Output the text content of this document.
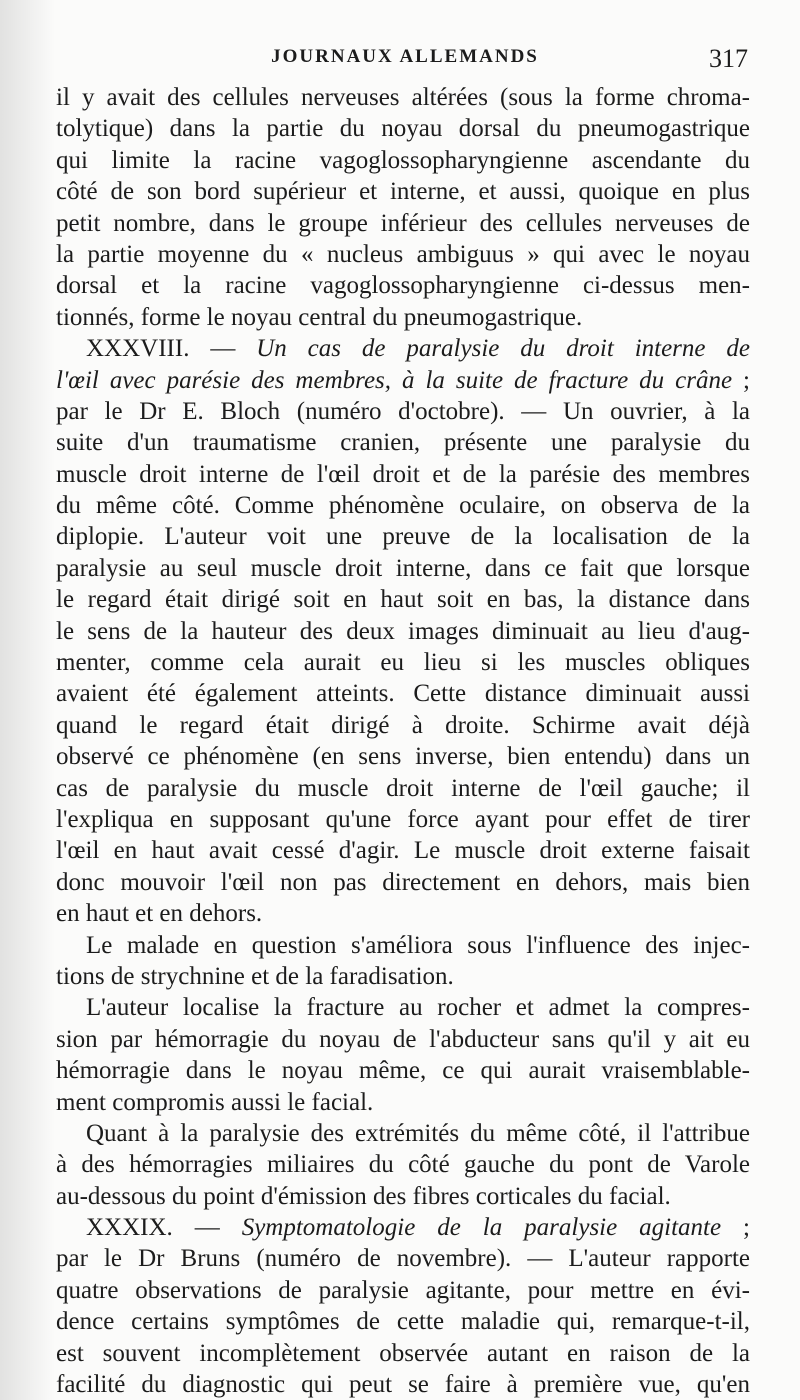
JOURNAUX ALLEMANDS	317
il y avait des cellules nerveuses altérées (sous la forme chroma-
tolytique) dans la partie du noyau dorsal du pneumogastrique
qui limite la racine vagoglossopharyngienne ascendante du
côté de son bord supérieur et interne, et aussi, quoique en plus
petit nombre, dans le groupe inférieur des cellules nerveuses de
la partie moyenne du « nucleus ambiguus » qui avec le noyau
dorsal et la racine vagoglossopharyngienne ci-dessus men-
tionnés, forme le noyau central du pneumogastrique.
XXXVIII. — Un cas de paralysie du droit interne de
l'œil avec parésie des membres, à la suite de fracture du crâne ;
par le Dr E. Bloch (numéro d'octobre). — Un ouvrier, à la
suite d'un traumatisme cranien, présente une paralysie du
muscle droit interne de l'œil droit et de la parésie des membres
du même côté. Comme phénomène oculaire, on observa de la
diplopie. L'auteur voit une preuve de la localisation de la
paralysie au seul muscle droit interne, dans ce fait que lorsque
le regard était dirigé soit en haut soit en bas, la distance dans
le sens de la hauteur des deux images diminuait au lieu d'aug-
menter, comme cela aurait eu lieu si les muscles obliques
avaient été également atteints. Cette distance diminuait aussi
quand le regard était dirigé à droite. Schirme avait déjà
observé ce phénomène (en sens inverse, bien entendu) dans un
cas de paralysie du muscle droit interne de l'œil gauche; il
l'expliqua en supposant qu'une force ayant pour effet de tirer
l'œil en haut avait cessé d'agir. Le muscle droit externe faisait
donc mouvoir l'œil non pas directement en dehors, mais bien
en haut et en dehors.
Le malade en question s'améliora sous l'influence des injec-
tions de strychnine et de la faradisation.
L'auteur localise la fracture au rocher et admet la compres-
sion par hémorragie du noyau de l'abducteur sans qu'il y ait eu
hémorragie dans le noyau même, ce qui aurait vraisemblable-
ment compromis aussi le facial.
Quant à la paralysie des extrémités du même côté, il l'attribue
à des hémorragies miliaires du côté gauche du pont de Varole
au-dessous du point d'émission des fibres corticales du facial.
XXXIX. — Symptomatologie de la paralysie agitante ;
par le Dr Bruns (numéro de novembre). — L'auteur rapporte
quatre observations de paralysie agitante, pour mettre en évi-
dence certains symptômes de cette maladie qui, remarque-t-il,
est souvent incomplètement observée autant en raison de la
facilité du diagnostic qui peut se faire à première vue, qu'en
